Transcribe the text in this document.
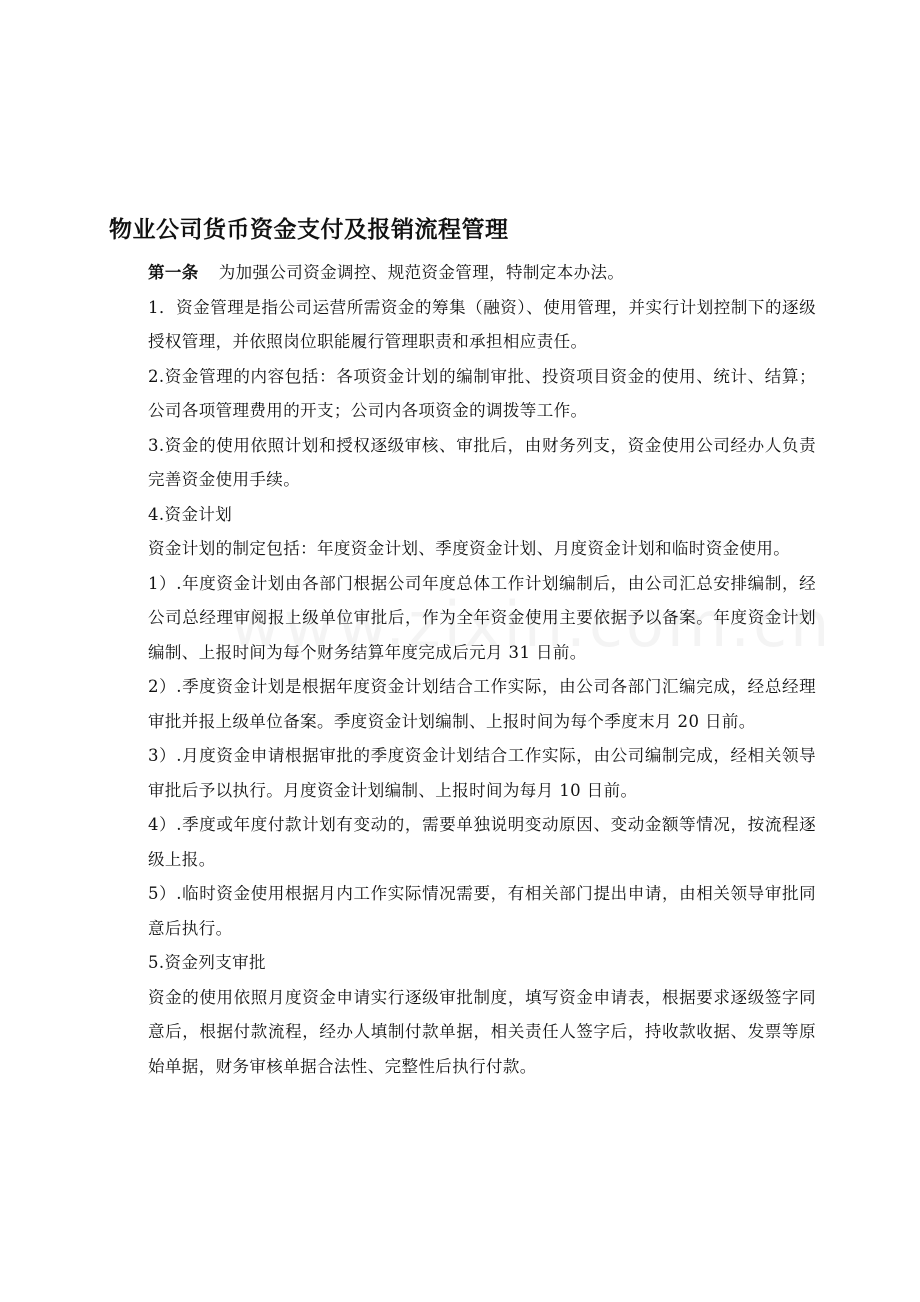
物业公司货币资金支付及报销流程管理

第一条 为加强公司资金调控、规范资金管理，特制定本办法。

1．资金管理是指公司运营所需资金的筹集（融资）、使用管理，并实行计划控制下的逐级授权管理，并依照岗位职能履行管理职责和承担相应责任。

2.资金管理的内容包括：各项资金计划的编制审批、投资项目资金的使用、统计、结算；公司各项管理费用的开支；公司内各项资金的调拨等工作。

3.资金的使用依照计划和授权逐级审核、审批后，由财务列支，资金使用公司经办人负责完善资金使用手续。

4.资金计划

资金计划的制定包括：年度资金计划、季度资金计划、月度资金计划和临时资金使用。

1）.年度资金计划由各部门根据公司年度总体工作计划编制后，由公司汇总安排编制，经公司总经理审阅报上级单位审批后，作为全年资金使用主要依据予以备案。年度资金计划编制、上报时间为每个财务结算年度完成后元月 31 日前。

2）.季度资金计划是根据年度资金计划结合工作实际，由公司各部门汇编完成，经总经理审批并报上级单位备案。季度资金计划编制、上报时间为每个季度末月 20 日前。

3）.月度资金申请根据审批的季度资金计划结合工作实际，由公司编制完成，经相关领导审批后予以执行。月度资金计划编制、上报时间为每月 10 日前。

4）.季度或年度付款计划有变动的，需要单独说明变动原因、变动金额等情况，按流程逐级上报。

5）.临时资金使用根据月内工作实际情况需要，有相关部门提出申请，由相关领导审批同意后执行。

5.资金列支审批

资金的使用依照月度资金申请实行逐级审批制度，填写资金申请表，根据要求逐级签字同意后，根据付款流程，经办人填制付款单据，相关责任人签字后，持收款收据、发票等原始单据，财务审核单据合法性、完整性后执行付款。
